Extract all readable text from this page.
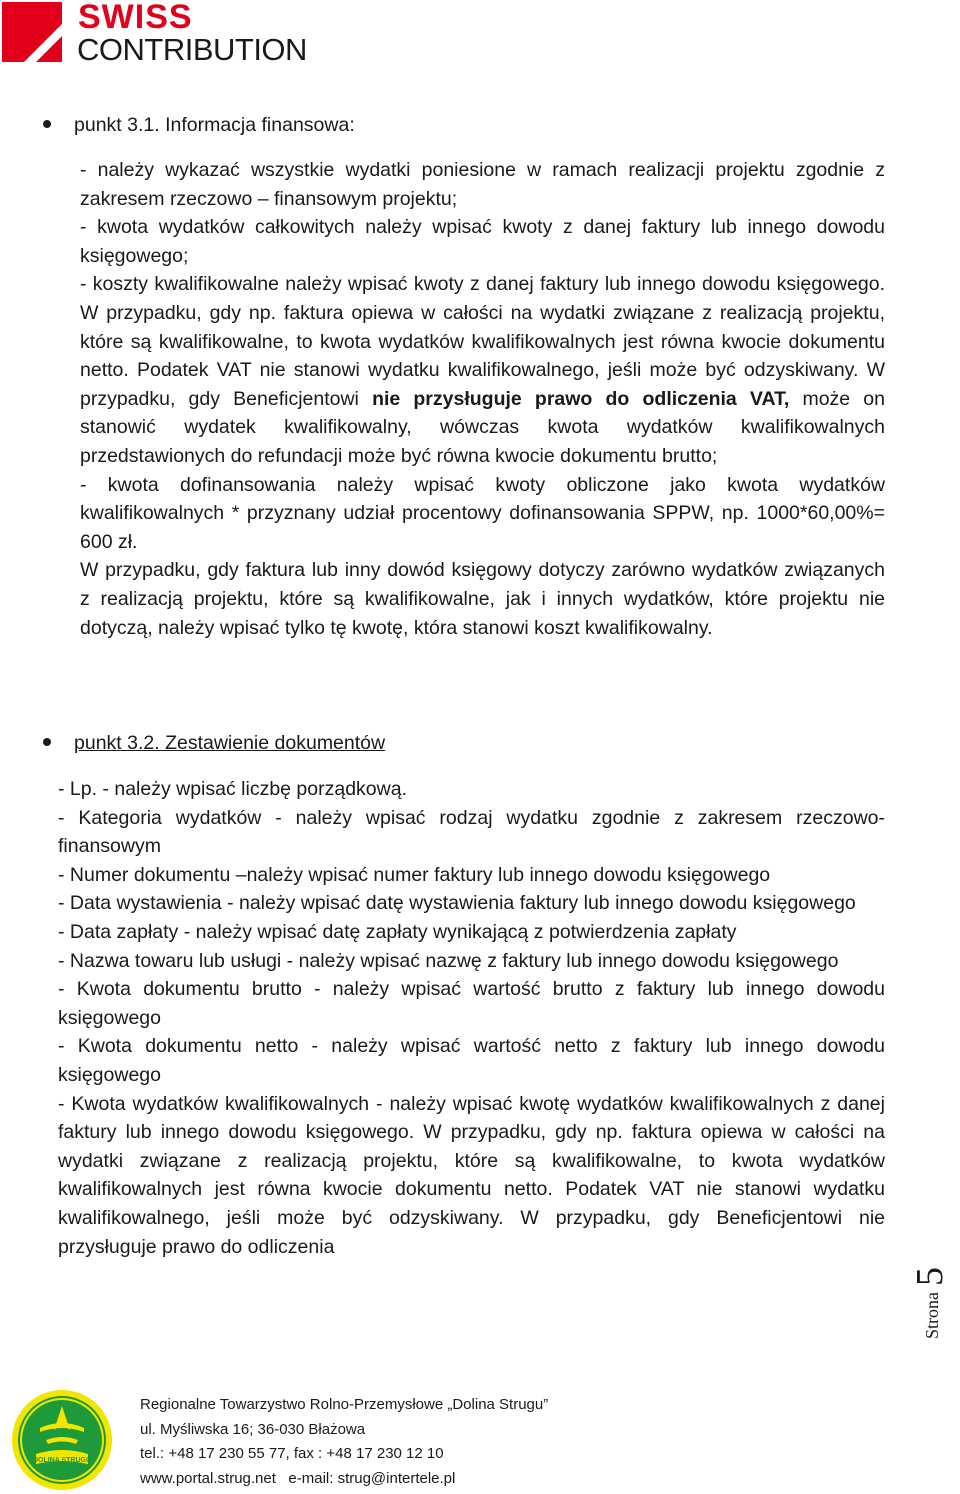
SWISS
CONTRIBUTION
punkt 3.1. Informacja finansowa:

- należy wykazać wszystkie wydatki poniesione w ramach realizacji projektu zgodnie z zakresem rzeczowo – finansowym projektu;

- kwota wydatków całkowitych należy wpisać kwoty z danej faktury lub innego dowodu księgowego;

- koszty kwalifikowalne należy wpisać kwoty z danej faktury lub innego dowodu księgowego. W przypadku, gdy np. faktura opiewa w całości na wydatki związane z realizacją projektu, które są kwalifikowalne, to kwota wydatków kwalifikowalnych jest równa kwocie dokumentu netto. Podatek VAT nie stanowi wydatku kwalifikowalnego, jeśli może być odzyskiwany. W przypadku, gdy Beneficjentowi nie przysługuje prawo do odliczenia VAT, może on stanowić wydatek kwalifikowalny, wówczas kwota wydatków kwalifikowalnych przedstawionych do refundacji może być równa kwocie dokumentu brutto;

- kwota dofinansowania należy wpisać kwoty obliczone jako kwota wydatków kwalifikowalnych * przyznany udział procentowy dofinansowania SPPW, np. 1000*60,00%= 600 zł.

W przypadku, gdy faktura lub inny dowód księgowy dotyczy zarówno wydatków związanych z realizacją projektu, które są kwalifikowalne, jak i innych wydatków, które projektu nie dotyczą, należy wpisać tylko tę kwotę, która stanowi koszt kwalifikowalny.

punkt 3.2. Zestawienie dokumentów

- Lp. - należy wpisać liczbę porządkową.

- Kategoria wydatków - należy wpisać rodzaj wydatku zgodnie z zakresem rzeczowo-finansowym

- Numer dokumentu –należy wpisać numer faktury lub innego dowodu księgowego

- Data wystawienia - należy wpisać datę wystawienia faktury lub innego dowodu księgowego

- Data zapłaty - należy wpisać datę zapłaty wynikającą z potwierdzenia zapłaty

- Nazwa towaru lub usługi - należy wpisać nazwę z faktury lub innego dowodu księgowego

- Kwota dokumentu brutto - należy wpisać wartość brutto z faktury lub innego dowodu księgowego

- Kwota dokumentu netto - należy wpisać wartość netto z faktury lub innego dowodu księgowego

- Kwota wydatków kwalifikowalnych - należy wpisać kwotę wydatków kwalifikowalnych z danej faktury lub innego dowodu księgowego. W przypadku, gdy np. faktura opiewa w całości na wydatki związane z realizacją projektu, które są kwalifikowalne, to kwota wydatków kwalifikowalnych jest równa kwocie dokumentu netto. Podatek VAT nie stanowi wydatku kwalifikowalnego, jeśli może być odzyskiwany. W przypadku, gdy Beneficjentowi nie przysługuje prawo do odliczenia

Strona5
DOLINA STRUGU
Regionalne Towarzystwo Rolno-Przemysłowe „Dolina Strugu”
ul. Myśliwska 16; 36-030 Błażowa
tel.: +48 17 230 55 77, fax : +48 17 230 12 10
www.portal.strug.net   e-mail: strug@intertele.pl
